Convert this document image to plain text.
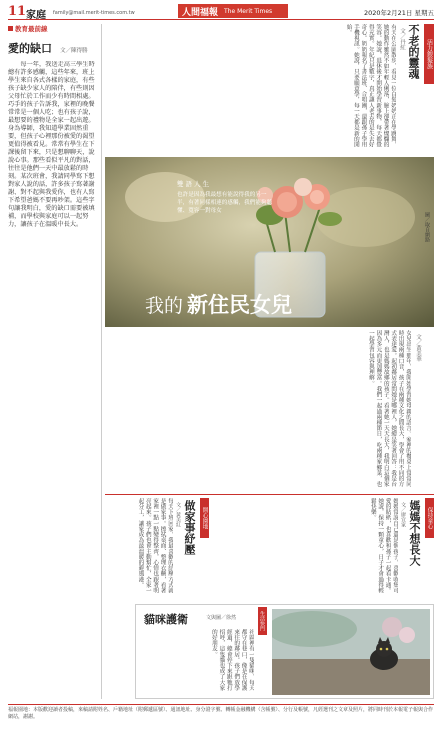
11 家庭 family@mail.merit-times.com.tw	人間福報 The Merit Times	2020年2月21日 星期五
教育最前線
愛的缺口 文／陳得勝
每一年，我送走高三學生時總有許多感觸，這些年來，班上學生來自各式各樣的家庭，有些孩子缺少家人的陪伴，有些則因父母忙於工作而少有時間相處。巧手的孩子告訴我，家裡的晚餐常常是一個人吃；也有孩子說，最想要的禮物是全家一起出遊。身為導師，我知道學業固然重要，但孩子心裡那份被愛的渴望更值得被看見。常常有學生在下課後留下來，只是想聊聊天，說說心事。那些看似平凡的對話，往往是他們一天中最放鬆的時刻。某次班會，我請同學寫下想對家人說的話，許多孩子寫著謝謝、對不起與我愛你，也有人寫下希望爸媽不要再吵架。這些字句讓我明白，愛的缺口需要被填補，而學校與家庭可以一起努力，讓孩子在溫暖中長大。
活力銀髮族
不老的靈魂
文／丹紅
有天在公園散步，看見一位白髮奶奶正在學跳舞，她的動作雖然不如年輕人俐落，臉上卻帶著燦爛的笑容。她說，退休後才開始學習新事物，每天都覺得充實。年紀只是數字，真正讓人老去的是失去好奇心。奶奶報名了書法班、合唱團，還跟孫子學用手機視訊。她說，只要願意學，每一天都是新的開始。
雙語人生
也許是因為我最想有能說得我的另一半，有著同樣相連的感觸，我們能夠聽懂、寬容一對母女
我的 新住民女兒
圖／取自網路
女兒出生那年，我開始學習她母親的語言。家裡的餐桌上常常同時出現兩種口音，孩子在兩種文化之間長大，學會了用不同的方式表達愛。起初鄰居常問她是哪裡人，她總是笑著回答：我是台灣人，也是媽媽故鄉的孩子。看著她一天天長大，我明白這個家因為多元而更加豐富。我們一起過兩種節日，吃兩種家鄉菜，也一起學習包容與理解。	文／黃美華
開心園地
做家事紓壓
文／黃美紅
每天下班回家，我最喜歡的紓壓方式就是做家事。擦拭桌面、整理衣櫃，看著家裡一點一點變得整齊，心情也跟著明亮起來。孩子們也會主動幫忙，全家一起分工，讓家成為最溫暖的避風港。	保持童心
媽媽不想長大
文／廖宜家
媽媽常說自己還是個孩子，喜歡收集可愛的貼紙，也喜歡和孫子一起看卡通。她說，保持一顆童心，日子才會過得輕鬆快樂。
貓咪護衛	文與圖／徐然	生活快門
社區裡有一隻貓咪，每天都守在巷口，像是在保護來往的鄰居。孩子們放學經過，總會停下來跟牠打招呼，這隻貓也成了大家的好朋友。
福報園地：本版歡迎讀者投稿，來稿請附姓名、戶籍地址（附郵遞區號）、通訊地址、身分證字號、轉帳金融機構（含帳號）、分行及帳號，凡經選刊之文章及照片，將同時刊於本報電子報與合作網站，謝謝。
